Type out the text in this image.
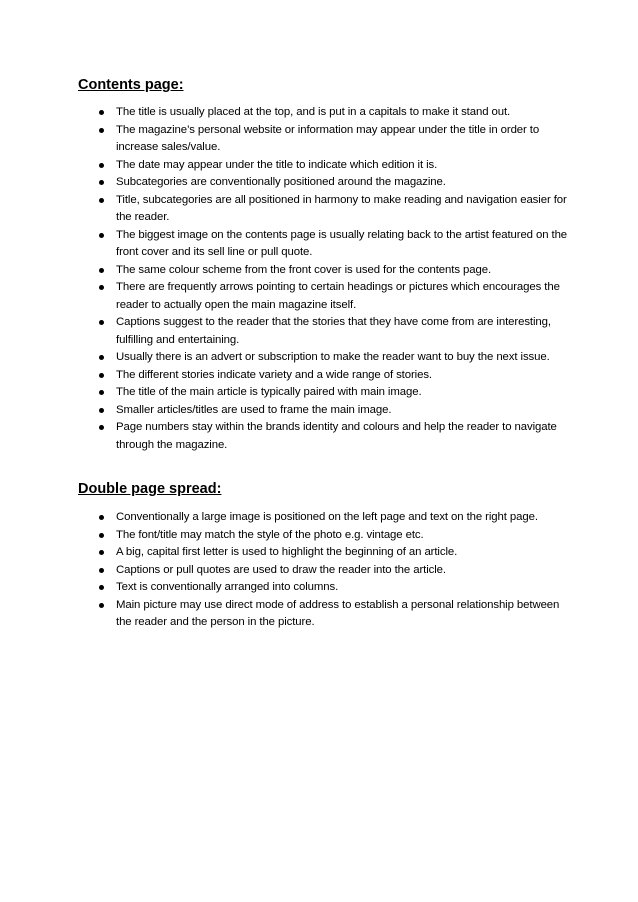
Contents page:
The title is usually placed at the top, and is put in a capitals to make it stand out.
The magazine’s personal website or information may appear under the title in order to increase sales/value.
The date may appear under the title to indicate which edition it is.
Subcategories are conventionally positioned around the magazine.
Title, subcategories are all positioned in harmony to make reading and navigation easier for the reader.
The biggest image on the contents page is usually relating back to the artist featured on the front cover and its sell line or pull quote.
The same colour scheme from the front cover is used for the contents page.
There are frequently arrows pointing to certain headings or pictures which encourages the reader to actually open the main magazine itself.
Captions suggest to the reader that the stories that they have come from are interesting, fulfilling and entertaining.
Usually there is an advert or subscription to make the reader want to buy the next issue.
The different stories indicate variety and a wide range of stories.
The title of the main article is typically paired with main image.
Smaller articles/titles are used to frame the main image.
Page numbers stay within the brands identity and colours and help the reader to navigate through the magazine.
Double page spread:
Conventionally a large image is positioned on the left page and text on the right page.
The font/title may match the style of the photo e.g. vintage etc.
A big, capital first letter is used to highlight the beginning of an article.
Captions or pull quotes are used to draw the reader into the article.
Text is conventionally arranged into columns.
Main picture may use direct mode of address to establish a personal relationship between the reader and the person in the picture.
